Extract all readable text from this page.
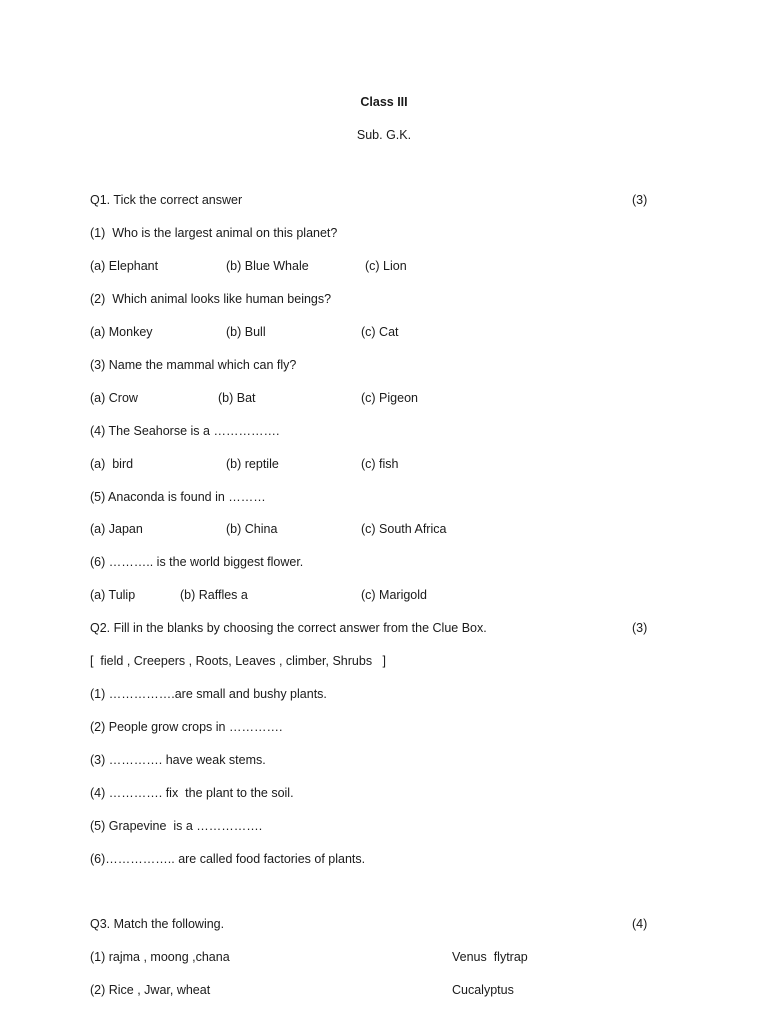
Class III
Sub. G.K.
Q1. Tick the correct answer	(3)
(1)  Who is the largest animal on this planet?
(a) Elephant	(b) Blue Whale	(c) Lion
(2)  Which animal looks like human beings?
(a) Monkey	(b) Bull	(c) Cat
(3) Name the mammal which can fly?
(a) Crow	(b) Bat	(c) Pigeon
(4) The Seahorse is a …………….
(a)  bird	(b) reptile	(c) fish
(5) Anaconda is found in ………
(a) Japan	(b) China	(c) South Africa
(6) ……….. is the world biggest flower.
(a) Tulip	(b) Raffles a	(c) Marigold
Q2. Fill in the blanks by choosing the correct answer from the Clue Box.	(3)
[  field , Creepers , Roots, Leaves , climber, Shrubs   ]
(1) …………….are small and bushy plants.
(2) People grow crops in ………….
(3) …………. have weak stems.
(4) …………. fix  the plant to the soil.
(5) Grapevine  is a …………….
(6)…………….. are called food factories of plants.
Q3. Match the following.	(4)
(1) rajma , moong ,chana	Venus  flytrap
(2) Rice , Jwar, wheat	Cucalyptus
